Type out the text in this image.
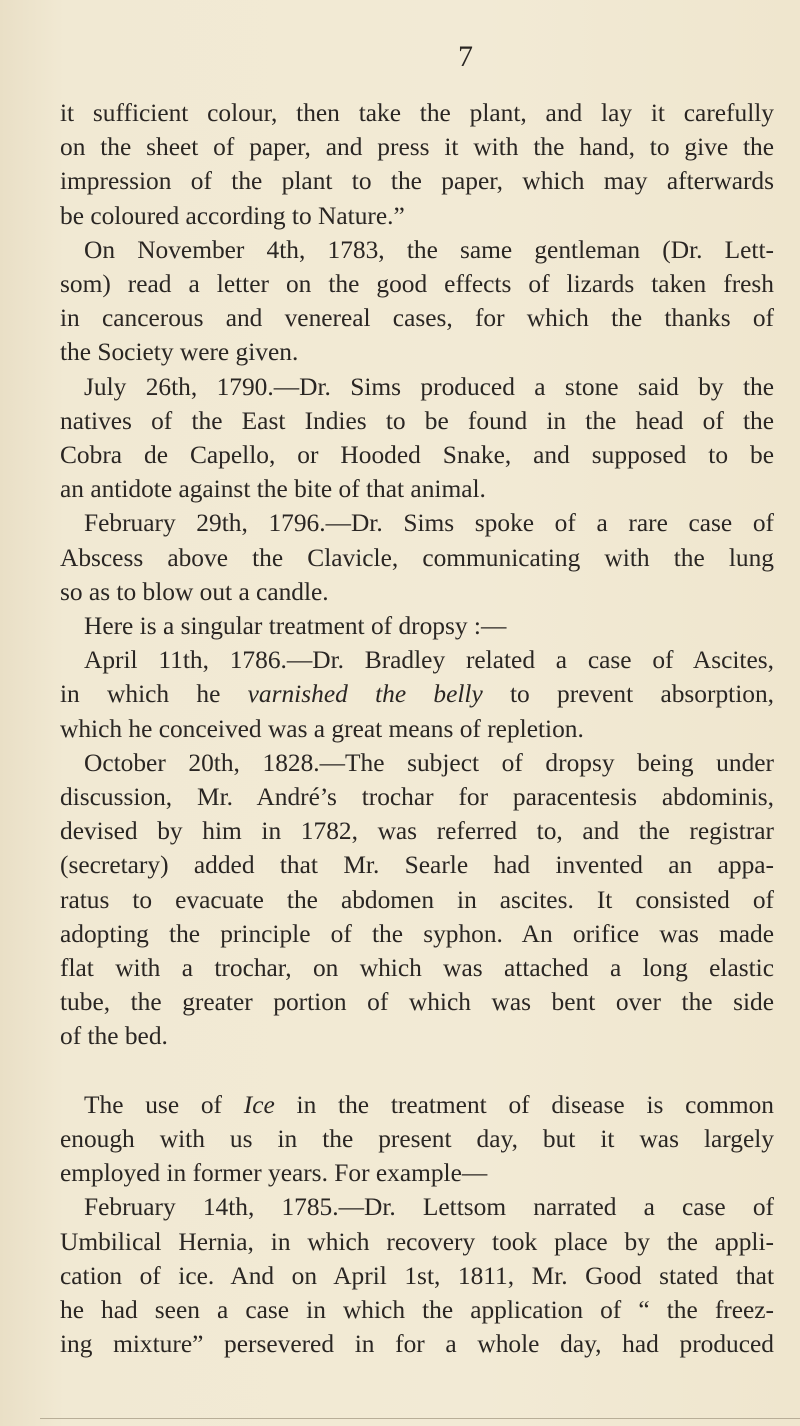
7
it sufficient colour, then take the plant, and lay it carefully
on the sheet of paper, and press it with the hand, to give the
impression of the plant to the paper, which may afterwards
be coloured according to Nature.”
On November 4th, 1783, the same gentleman (Dr. Lett-
som) read a letter on the good effects of lizards taken fresh
in cancerous and venereal cases, for which the thanks of
the Society were given.
July 26th, 1790.—Dr. Sims produced a stone said by the
natives of the East Indies to be found in the head of the
Cobra de Capello, or Hooded Snake, and supposed to be
an antidote against the bite of that animal.
February 29th, 1796.—Dr. Sims spoke of a rare case of
Abscess above the Clavicle, communicating with the lung
so as to blow out a candle.
Here is a singular treatment of dropsy :—
April 11th, 1786.—Dr. Bradley related a case of Ascites,
in which he varnished the belly to prevent absorption,
which he conceived was a great means of repletion.
October 20th, 1828.—The subject of dropsy being under
discussion, Mr. André’s trochar for paracentesis abdominis,
devised by him in 1782, was referred to, and the registrar
(secretary) added that Mr. Searle had invented an appa-
ratus to evacuate the abdomen in ascites. It consisted of
adopting the principle of the syphon. An orifice was made
flat with a trochar, on which was attached a long elastic
tube, the greater portion of which was bent over the side
of the bed.
The use of Ice in the treatment of disease is common
enough with us in the present day, but it was largely
employed in former years. For example—
February 14th, 1785.—Dr. Lettsom narrated a case of
Umbilical Hernia, in which recovery took place by the appli-
cation of ice. And on April 1st, 1811, Mr. Good stated that
he had seen a case in which the application of “ the freez-
ing mixture” persevered in for a whole day, had produced
